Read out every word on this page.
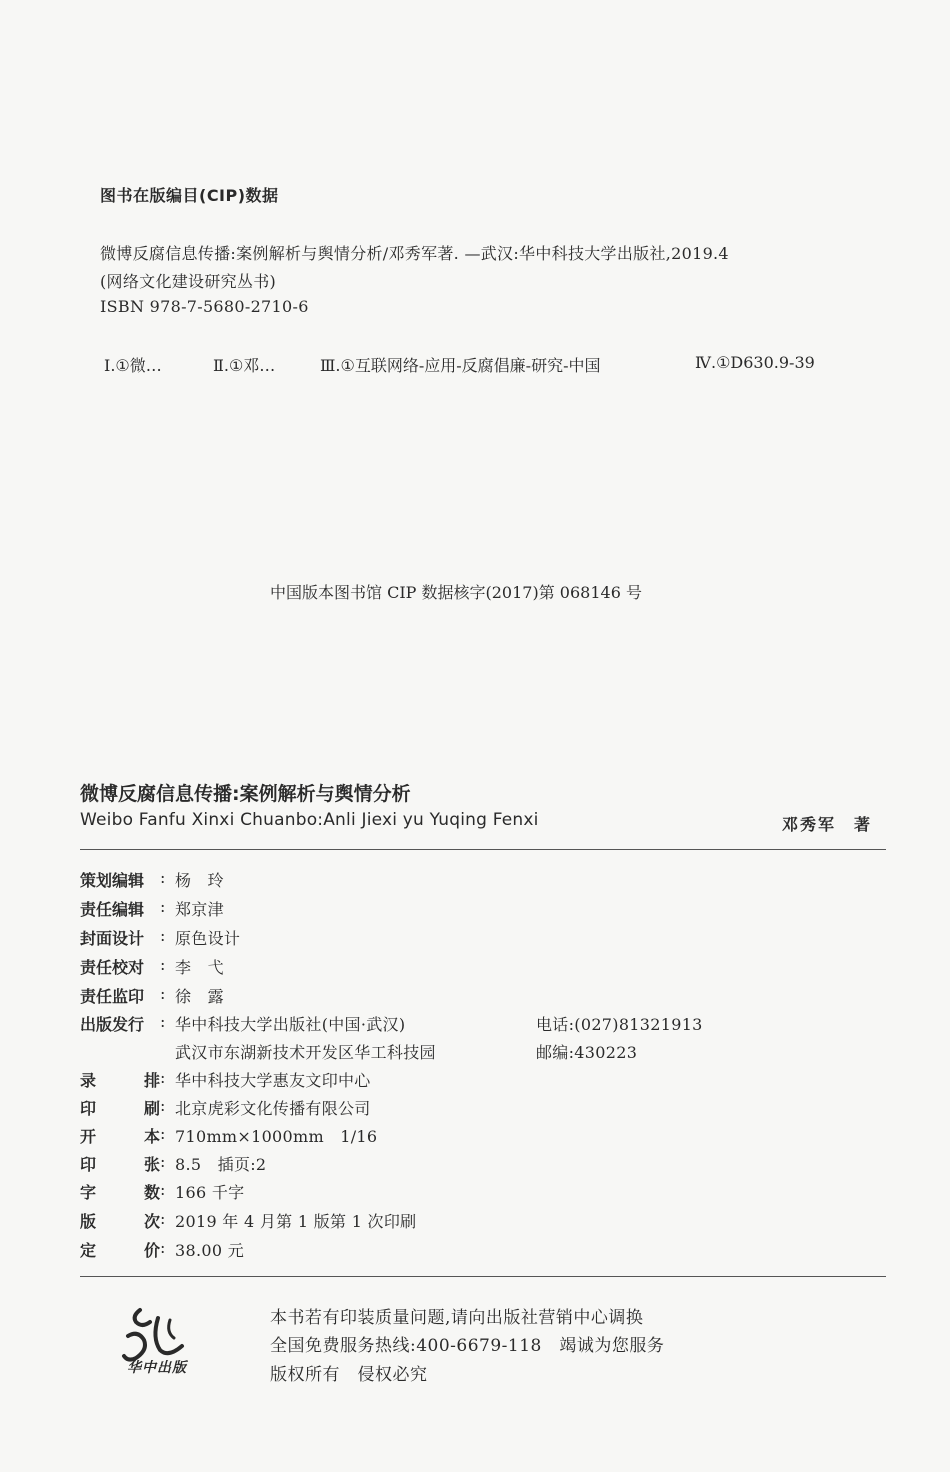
图书在版编目(CIP)数据
微博反腐信息传播:案例解析与舆情分析/邓秀军著. —武汉:华中科技大学出版社,2019.4
(网络文化建设研究丛书)
ISBN 978-7-5680-2710-6
Ⅰ.①微…	Ⅱ.①邓…	Ⅲ.①互联网络-应用-反腐倡廉-研究-中国	Ⅳ.①D630.9-39
中国版本图书馆 CIP 数据核字(2017)第 068146 号
微博反腐信息传播:案例解析与舆情分析
Weibo Fanfu Xinxi Chuanbo:Anli Jiexi yu Yuqing Fenxi	邓秀军　著
策划编辑 : 杨　玲
责任编辑 : 郑京津
封面设计 : 原色设计
责任校对 : 李　弋
责任监印 : 徐　露
出版发行 : 华中科技大学出版社(中国·武汉)	电话:(027)81321913
武汉市东湖新技术开发区华工科技园	邮编:430223
录	排 : 华中科技大学惠友文印中心
印	刷 : 北京虎彩文化传播有限公司
开	本 : 710mm×1000mm　1/16
印	张 : 8.5　插页:2
字	数 : 166 千字
版	次 : 2019 年 4 月第 1 版第 1 次印刷
定	价 : 38.00 元
华中出版
本书若有印装质量问题,请向出版社营销中心调换
全国免费服务热线:400-6679-118　竭诚为您服务
版权所有　侵权必究
